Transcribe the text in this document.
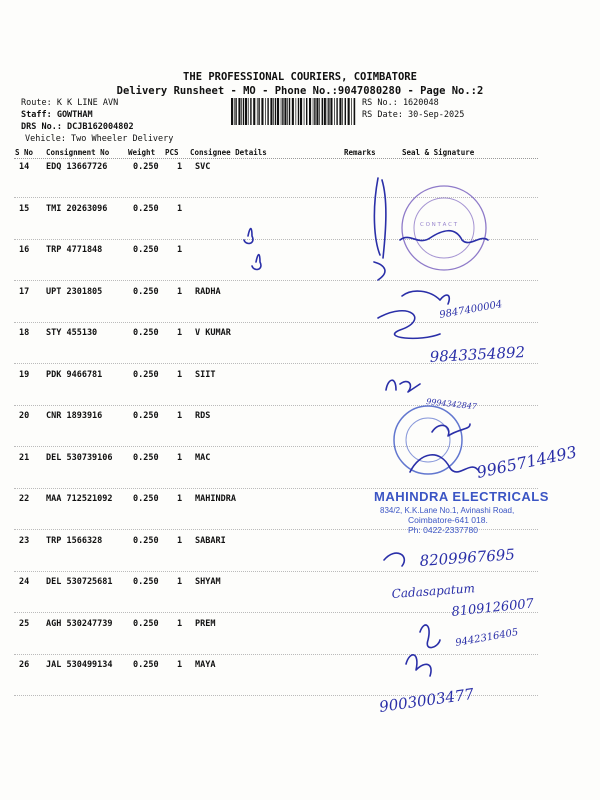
THE PROFESSIONAL COURIERS, COIMBATORE
Delivery Runsheet - MO - Phone No.:9047080280 - Page No.:2
Route: K K LINE AVN
Staff: GOWTHAM
DRS No.: DCJB162004802
Vehicle: Two Wheeler Delivery
RS No.: 1620048
RS Date: 30-Sep-2025
S No Consignment No	Weight PCS Consignee Details	Remarks	Seal & Signature
14 EDQ 13667726	0.250 1 SVC
15 TMI 20263096	0.250 1
16 TRP 4771848	0.250 1
17 UPT 2301805	0.250 1 RADHA
18 STY 455130	0.250 1 V KUMAR
19 PDK 9466781	0.250 1 SIIT
20 CNR 1893916	0.250 1 RDS
21 DEL 530739106 0.250 1 MAC
22 MAA 712521092 0.250 1 MAHINDRA
23 TRP 1566328	0.250 1 SABARI
24 DEL 530725681 0.250 1 SHYAM
25 AGH 530247739 0.250 1 PREM
26 JAL 530499134 0.250 1 MAYA
C O N T A C T
9847400004
9843354892
9994342847
9965714493
MAHINDRA ELECTRICALS
834/2, K.K.Lane No.1, Avinashi Road,
Coimbatore-641 018.
Ph: 0422-2337780
8209967695
Cadasapatum
8109126007
9442316405
9003003477
